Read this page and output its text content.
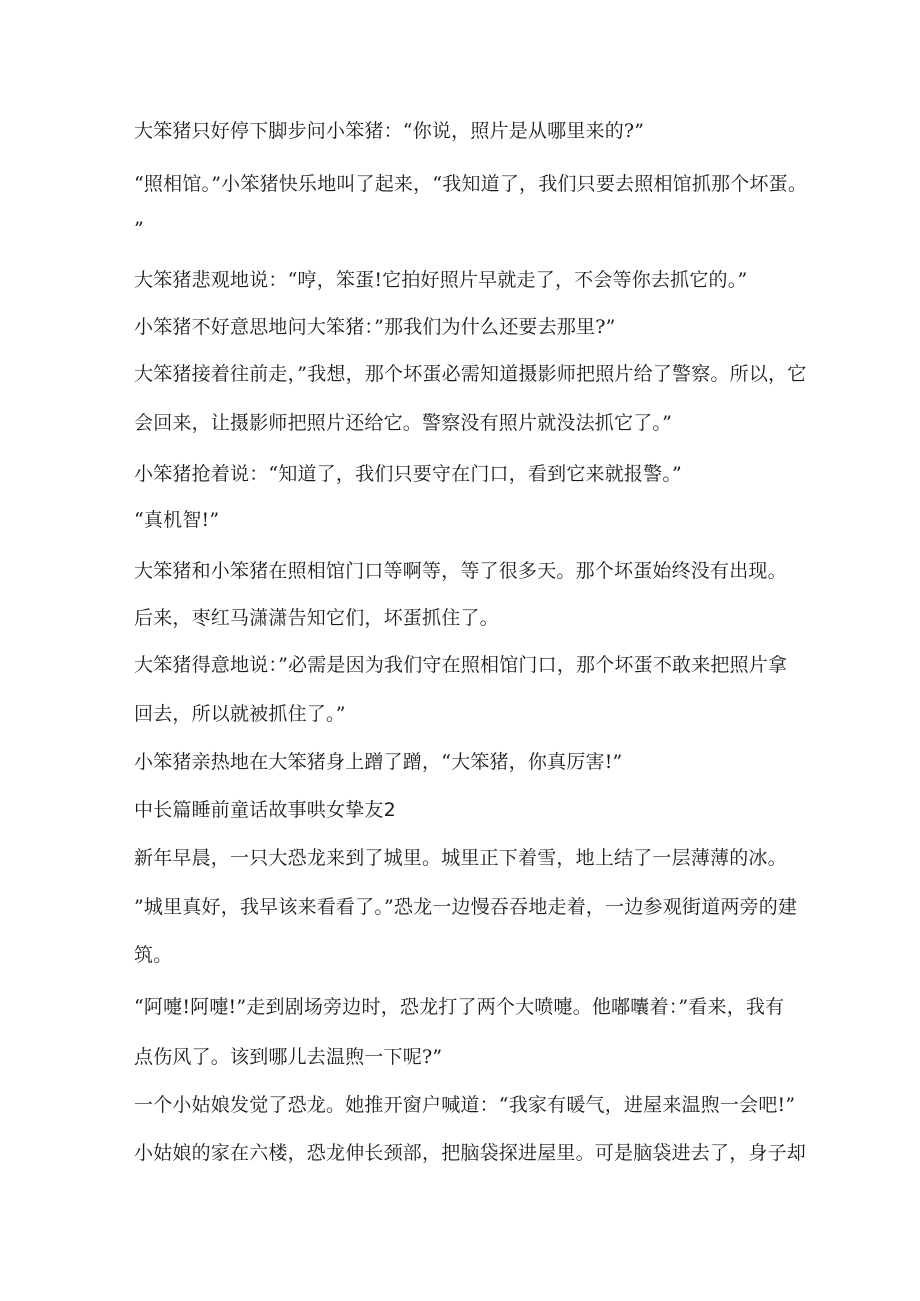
大笨猪只好停下脚步问小笨猪：“你说，照片是从哪里来的?”

“照相馆。”小笨猪快乐地叫了起来，“我知道了，我们只要去照相馆抓那个坏蛋。

”

大笨猪悲观地说：“哼，笨蛋!它拍好照片早就走了，不会等你去抓它的。”

小笨猪不好意思地问大笨猪：”那我们为什么还要去那里?”

大笨猪接着往前走，”我想，那个坏蛋必需知道摄影师把照片给了警察。所以，它

会回来，让摄影师把照片还给它。警察没有照片就没法抓它了。”

小笨猪抢着说：“知道了，我们只要守在门口，看到它来就报警。”

“真机智!”

大笨猪和小笨猪在照相馆门口等啊等，等了很多天。那个坏蛋始终没有出现。

后来，枣红马潇潇告知它们，坏蛋抓住了。

大笨猪得意地说：”必需是因为我们守在照相馆门口，那个坏蛋不敢来把照片拿

回去，所以就被抓住了。”

小笨猪亲热地在大笨猪身上蹭了蹭，“大笨猪，你真厉害!”

中长篇睡前童话故事哄女挚友2

新年早晨，一只大恐龙来到了城里。城里正下着雪，地上结了一层薄薄的冰。

”城里真好，我早该来看看了。”恐龙一边慢吞吞地走着，一边参观街道两旁的建

筑。

“阿嚏!阿嚏!”走到剧场旁边时，恐龙打了两个大喷嚏。他嘟囔着：”看来，我有

点伤风了。该到哪儿去温煦一下呢?”

一个小姑娘发觉了恐龙。她推开窗户喊道：“我家有暖气，进屋来温煦一会吧!”

小姑娘的家在六楼，恐龙伸长颈部，把脑袋探进屋里。可是脑袋进去了，身子却
